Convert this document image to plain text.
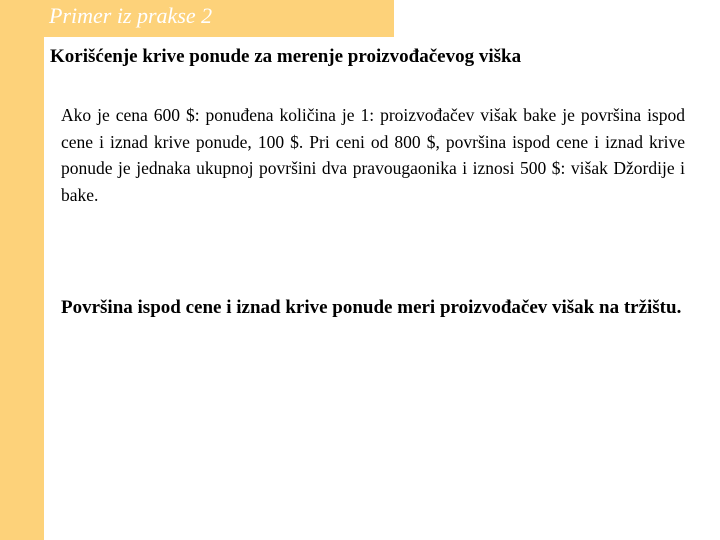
Primer iz prakse 2
Korišćenje krive ponude za merenje proizvođačevog viška
Ako je cena 600 $: ponuđena količina je 1: proizvođačev višak bake je površina ispod cene i iznad krive ponude, 100 $. Pri ceni od 800 $, površina ispod cene i iznad krive ponude je jednaka ukupnoj površini dva pravougaonika i iznosi 500 $: višak Džordije i bake.
Površina ispod cene i iznad krive ponude meri proizvođačev višak na tržištu.
